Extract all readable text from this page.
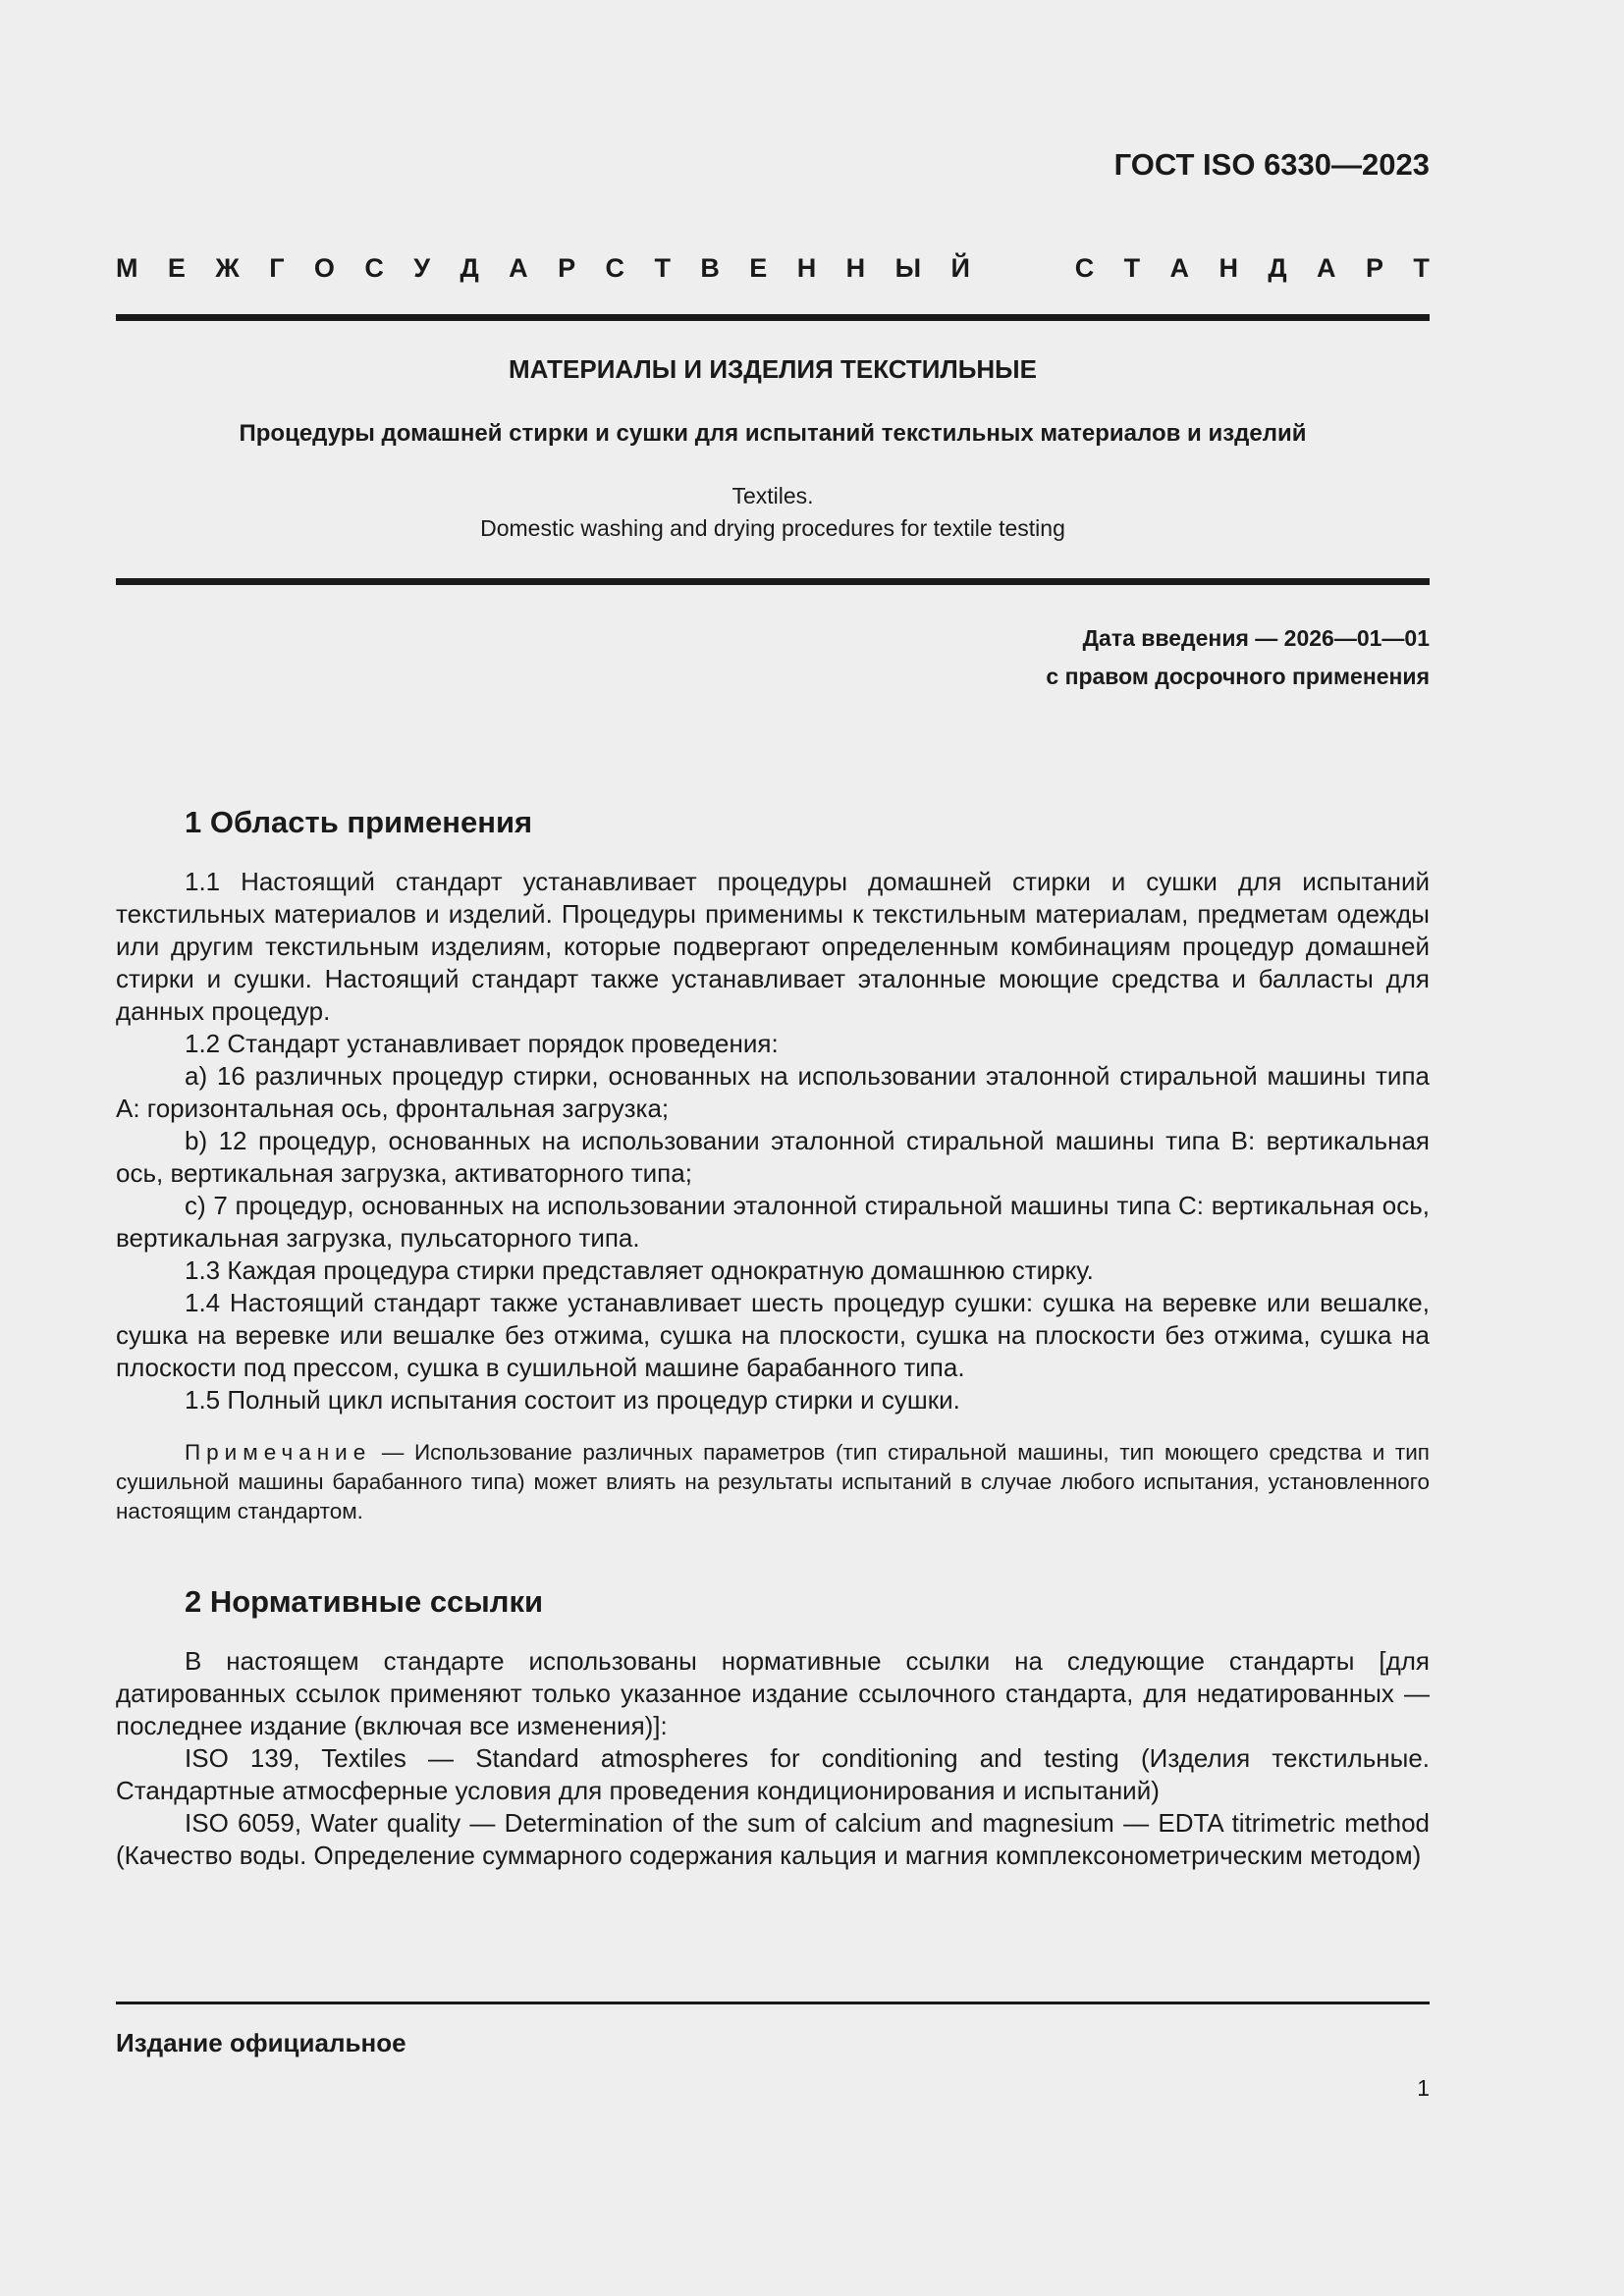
ГОСТ ISO 6330—2023
М Е Ж Г О С У Д А Р С Т В Е Н Н Ы Й	С Т А Н Д А Р Т
МАТЕРИАЛЫ И ИЗДЕЛИЯ ТЕКСТИЛЬНЫЕ
Процедуры домашней стирки и сушки для испытаний текстильных материалов и изделий
Textiles.
Domestic washing and drying procedures for textile testing
Дата введения — 2026—01—01
с правом досрочного применения
1 Область применения

1.1 Настоящий стандарт устанавливает процедуры домашней стирки и сушки для испытаний текстильных материалов и изделий. Процедуры применимы к текстильным материалам, предметам одежды или другим текстильным изделиям, которые подвергают определенным комбинациям процедур домашней стирки и сушки. Настоящий стандарт также устанавливает эталонные моющие средства и балласты для данных процедур.

1.2 Стандарт устанавливает порядок проведения:

а) 16 различных процедур стирки, основанных на использовании эталонной стиральной машины типа А: горизонтальная ось, фронтальная загрузка;

b) 12 процедур, основанных на использовании эталонной стиральной машины типа В: вертикальная ось, вертикальная загрузка, активаторного типа;

c) 7 процедур, основанных на использовании эталонной стиральной машины типа С: вертикальная ось, вертикальная загрузка, пульсаторного типа.

1.3 Каждая процедура стирки представляет однократную домашнюю стирку.

1.4 Настоящий стандарт также устанавливает шесть процедур сушки: сушка на веревке или вешалке, сушка на веревке или вешалке без отжима, сушка на плоскости, сушка на плоскости без отжима, сушка на плоскости под прессом, сушка в сушильной машине барабанного типа.

1.5 Полный цикл испытания состоит из процедур стирки и сушки.

Примечание — Использование различных параметров (тип стиральной машины, тип моющего средства и тип сушильной машины барабанного типа) может влиять на результаты испытаний в случае любого испытания, установленного настоящим стандартом.
2 Нормативные ссылки

В настоящем стандарте использованы нормативные ссылки на следующие стандарты [для датированных ссылок применяют только указанное издание ссылочного стандарта, для недатированных — последнее издание (включая все изменения)]:

ISO 139, Textiles — Standard atmospheres for conditioning and testing (Изделия текстильные. Стандартные атмосферные условия для проведения кондиционирования и испытаний)

ISO 6059, Water quality — Determination of the sum of calcium and magnesium — EDTA titrimetric method (Качество воды. Определение суммарного содержания кальция и магния комплексонометрическим методом)

Издание официальное
1
